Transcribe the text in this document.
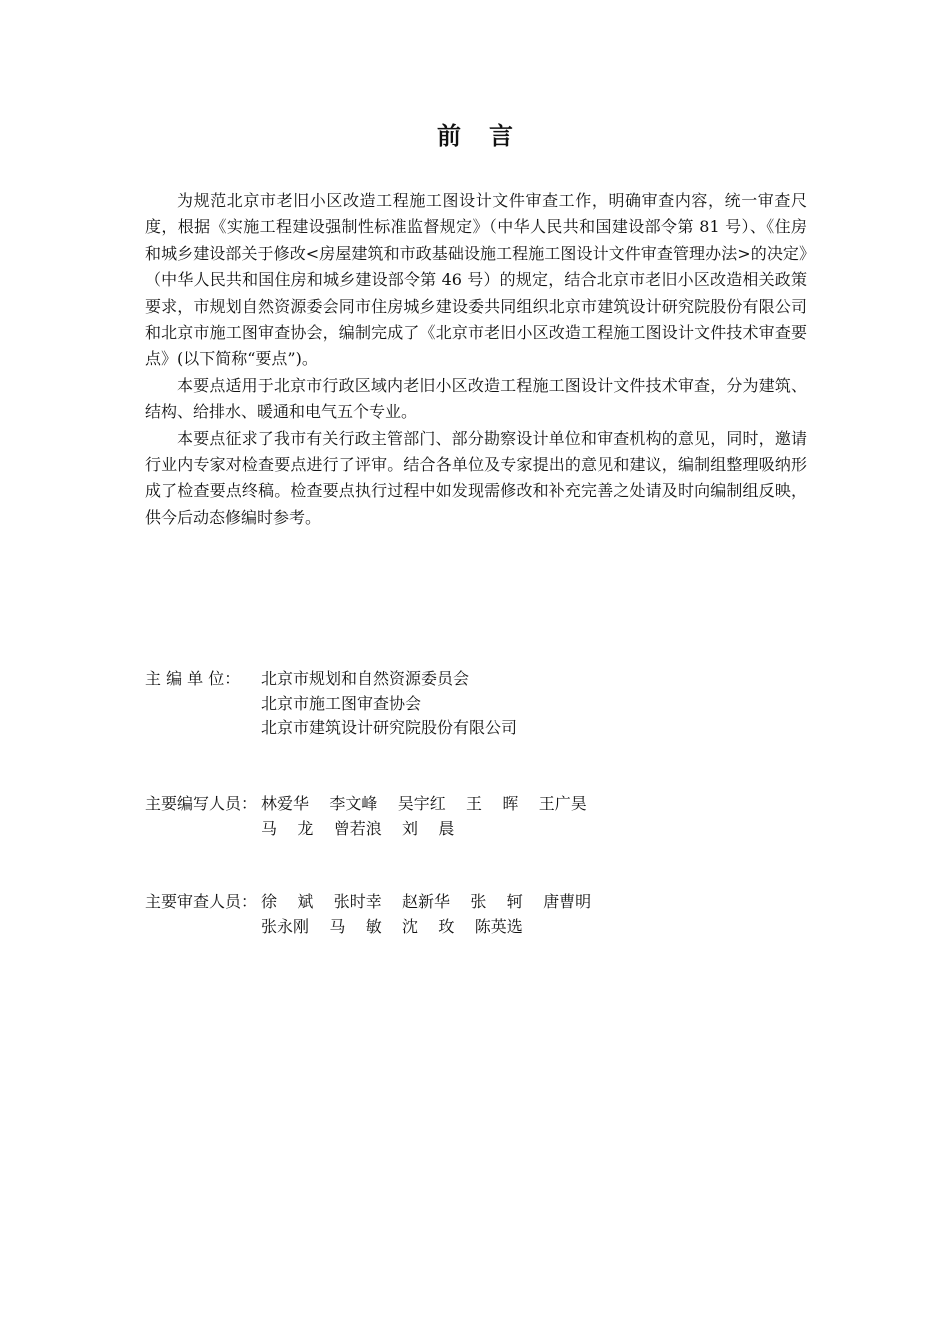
前言

为规范北京市老旧小区改造工程施工图设计文件审查工作，明确审查内容，统一审查尺度，根据《实施工程建设强制性标准监督规定》（中华人民共和国建设部令第 81 号）、《住房和城乡建设部关于修改<房屋建筑和市政基础设施工程施工图设计文件审查管理办法>的决定》（中华人民共和国住房和城乡建设部令第 46 号）的规定，结合北京市老旧小区改造相关政策要求，市规划自然资源委会同市住房城乡建设委共同组织北京市建筑设计研究院股份有限公司和北京市施工图审查协会，编制完成了《北京市老旧小区改造工程施工图设计文件技术审查要点》(以下简称“要点”)。

本要点适用于北京市行政区域内老旧小区改造工程施工图设计文件技术审查，分为建筑、结构、给排水、暖通和电气五个专业。

本要点征求了我市有关行政主管部门、部分勘察设计单位和审查机构的意见，同时，邀请行业内专家对检查要点进行了评审。结合各单位及专家提出的意见和建议，编制组整理吸纳形成了检查要点终稿。检查要点执行过程中如发现需修改和补充完善之处请及时向编制组反映，供今后动态修编时参考。

主 编 单 位：	北京市规划和自然资源委员会
北京市施工图审查协会
北京市建筑设计研究院股份有限公司
主要编写人员： 林爱华    李文峰    吴宇红    王    晖    王广昊
马    龙    曾若浪    刘    晨
主要审查人员： 徐    斌    张时幸    赵新华    张    轲    唐曹明
张永刚    马    敏    沈    玫    陈英选
